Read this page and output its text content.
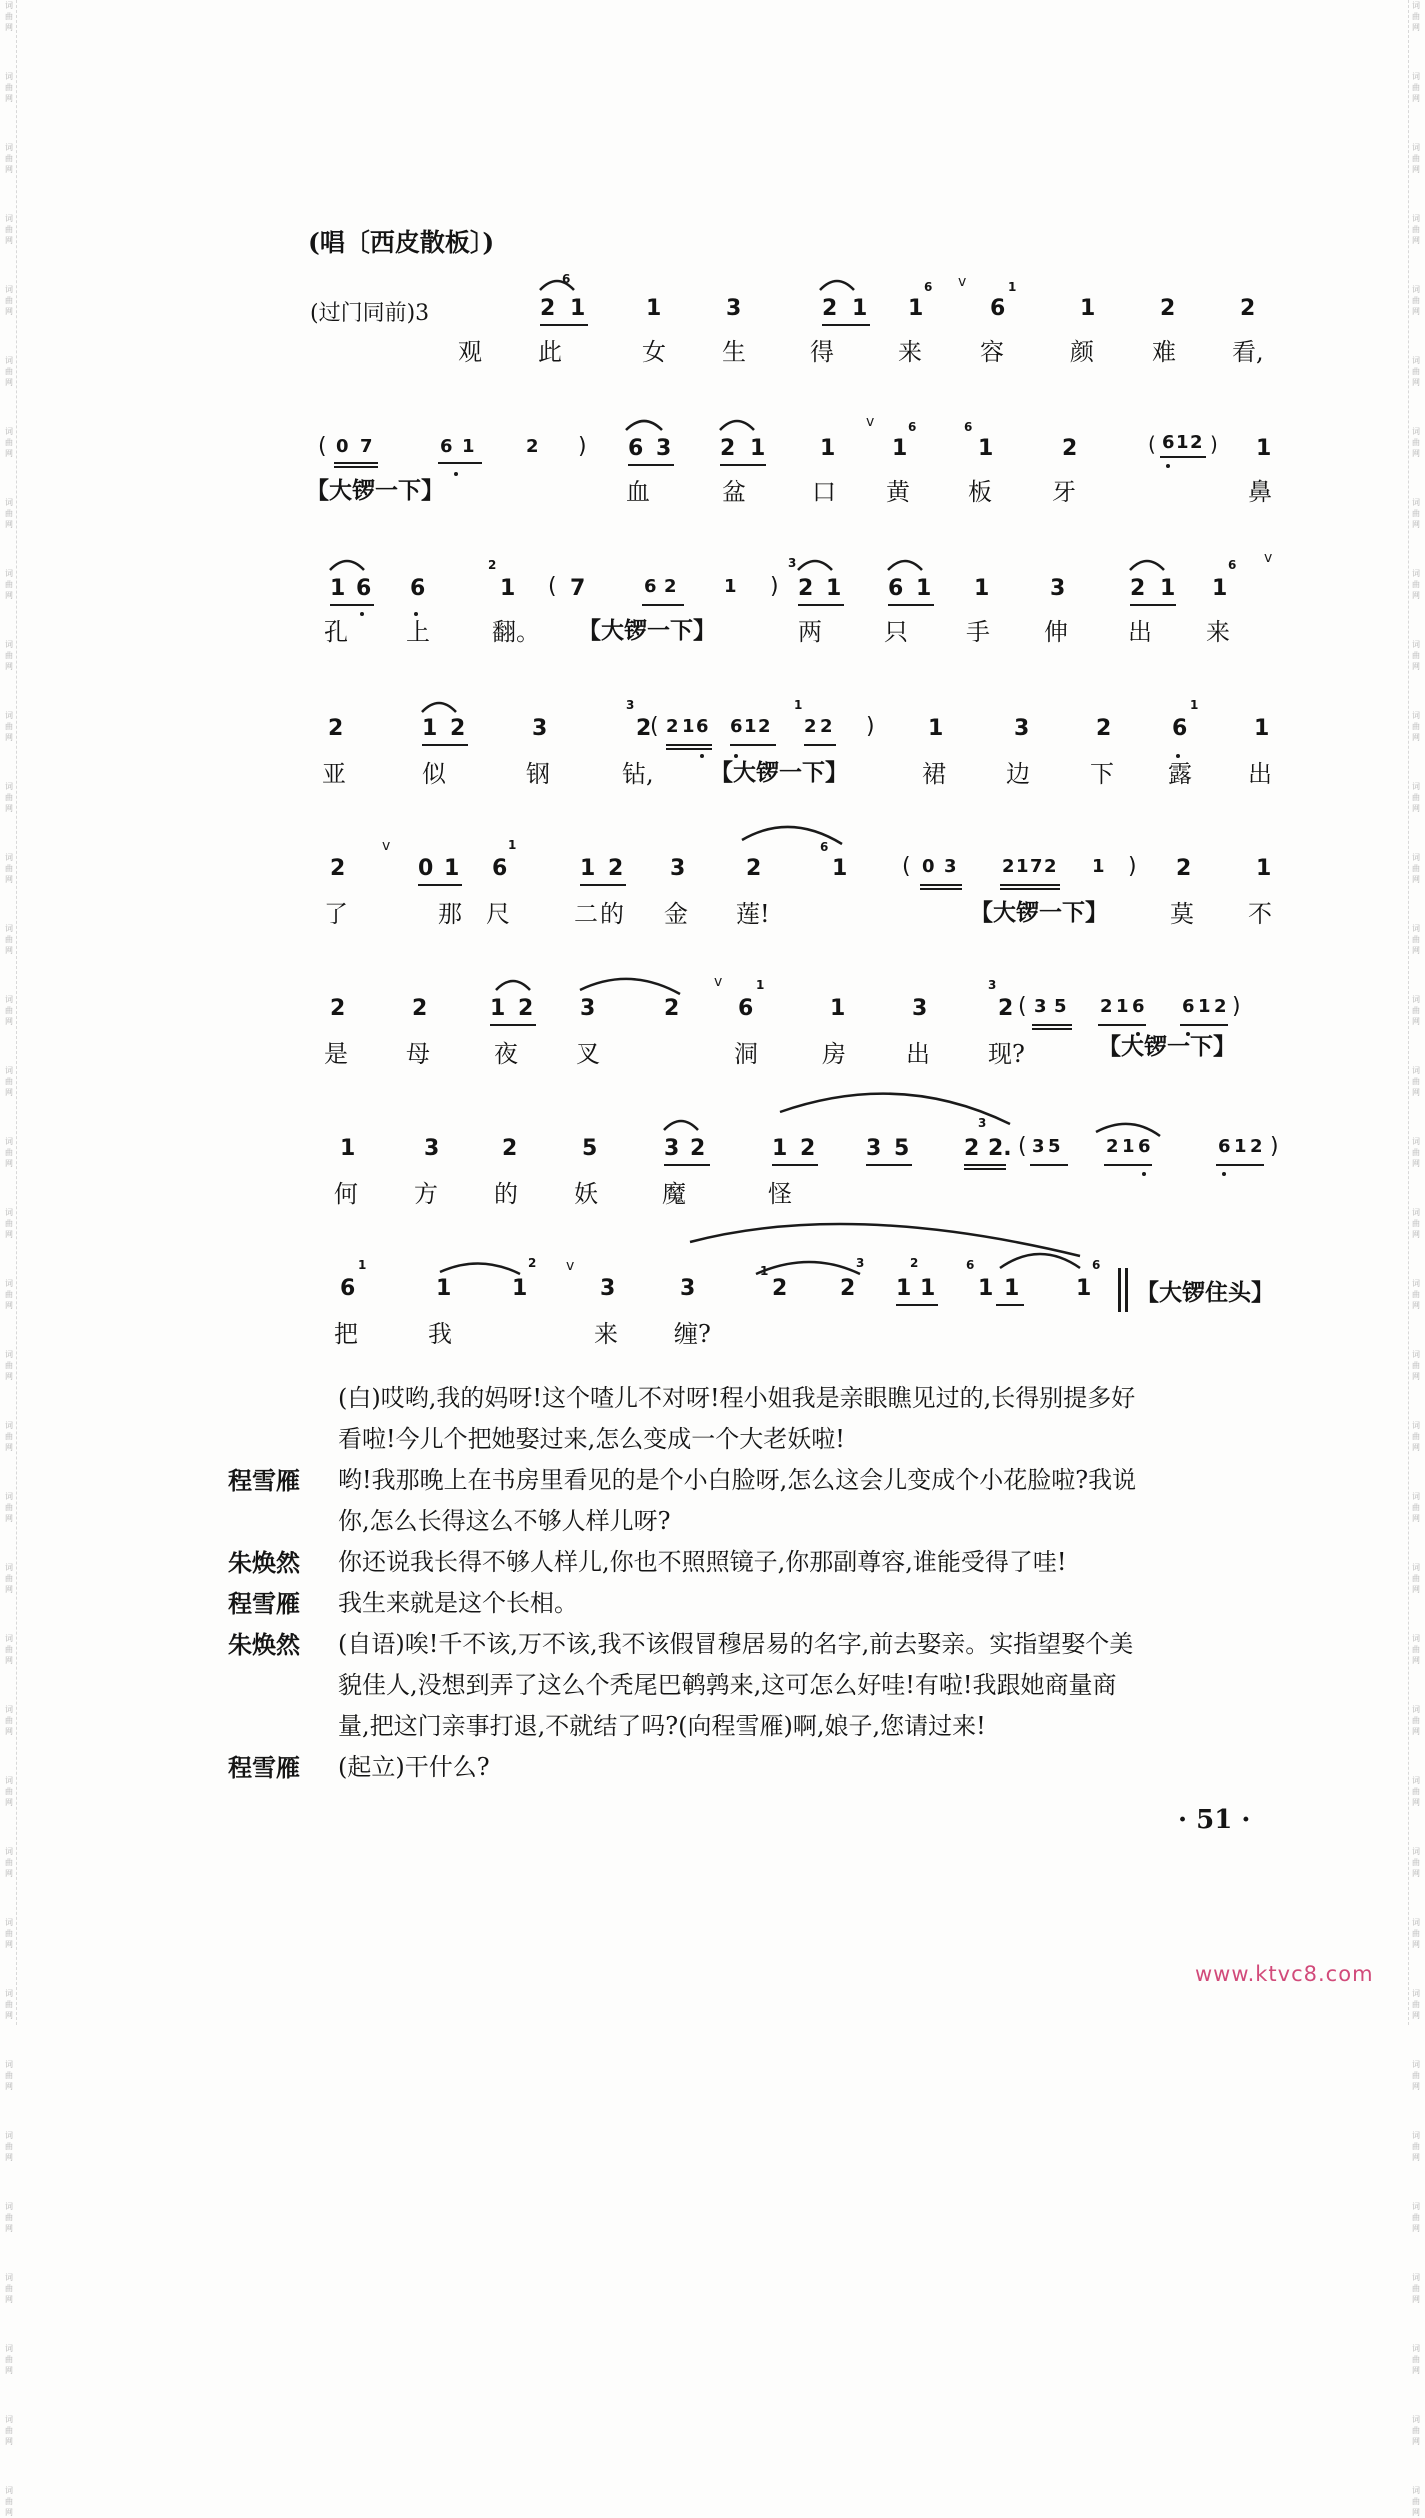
词曲网
词曲网
词曲网
词曲网
词曲网
词曲网
词曲网
词曲网
词曲网
词曲网
词曲网
词曲网
词曲网
词曲网
词曲网
词曲网
词曲网
词曲网
词曲网
词曲网
词曲网
词曲网
词曲网
词曲网
词曲网
词曲网
词曲网
词曲网
词曲网
词曲网
词曲网
词曲网
词曲网
词曲网
词曲网
词曲网
词曲网
词曲网
词曲网
词曲网
词曲网
词曲网
词曲网
词曲网
词曲网
词曲网
词曲网
词曲网
词曲网
词曲网
词曲网
词曲网
词曲网
词曲网
词曲网
词曲网
词曲网
词曲网
词曲网
词曲网
词曲网
词曲网
词曲网
词曲网
词曲网
词曲网
词曲网
词曲网
词曲网
词曲网
词曲网
词曲网
(唱〔西皮散板〕)
(过门同前)3	2 1
6
1	3	2 1 1
6
6
1
1	2	2
观 此	女 生	得	来 容	颜 难 看,
( 0 7	6 1	2 ) 6 3 2 1 1	1
6
1
6
2	( 6 1 2 ) 1
【大锣一下】	血	盆	口 黄 板	牙	鼻
1 6 6
2
1 ( 7	6 2	1 )
3
2 1 6 1 1	3	2 1 1
6
孔 上	翻。 【大锣一下】	两	只 手 伸	出 来
2	1 2	3
3
2
( 2 1 6 6 1 2
1
2 2 ) 1	3	2	6
1
1
亚	似	钢	钻, 【大锣一下】	裙	边	下 露 出
2	0 1 6
1
1 2 3	2
6
1 ( 0 3	2 1 7 2 1 ) 2	1
了	那 尺	二 的 金 莲!	【大锣一下】	莫 不
2	2	1 2 3	2	6
1
1	3
3
2 ( 3 5 2 1 6 6 1 2 )
是 母	夜 叉	洞	房	出 现?	【大锣一下】
1	3	2	5	3 2	1 2 3 5 2
3
2. ( 3 5	2 1 6	6 1 2 )
何 方 的 妖	魔	怪
6
1
1	1
2
3	3
1
2 2
3
1
2
1
6
1 1	1
6
【大锣住头】
把	我	来 缠?
v
v
v
v
v
v
(白)哎哟,我的妈呀!这个喳儿不对呀!程小姐我是亲眼瞧见过的,长得别提多好
看啦!今儿个把她娶过来,怎么变成一个大老妖啦!
程雪雁	哟!我那晚上在书房里看见的是个小白脸呀,怎么这会儿变成个小花脸啦?我说
你,怎么长得这么不够人样儿呀?
朱焕然	你还说我长得不够人样儿,你也不照照镜子,你那副尊容,谁能受得了哇!
程雪雁	我生来就是这个长相。
朱焕然	(自语)唉!千不该,万不该,我不该假冒穆居易的名字,前去娶亲。实指望娶个美
貌佳人,没想到弄了这么个秃尾巴鹌鹑来,这可怎么好哇!有啦!我跟她商量商
量,把这门亲事打退,不就结了吗?(向程雪雁)啊,娘子,您请过来!
程雪雁	(起立)干什么?
· 51 ·
www.ktvc8.com
